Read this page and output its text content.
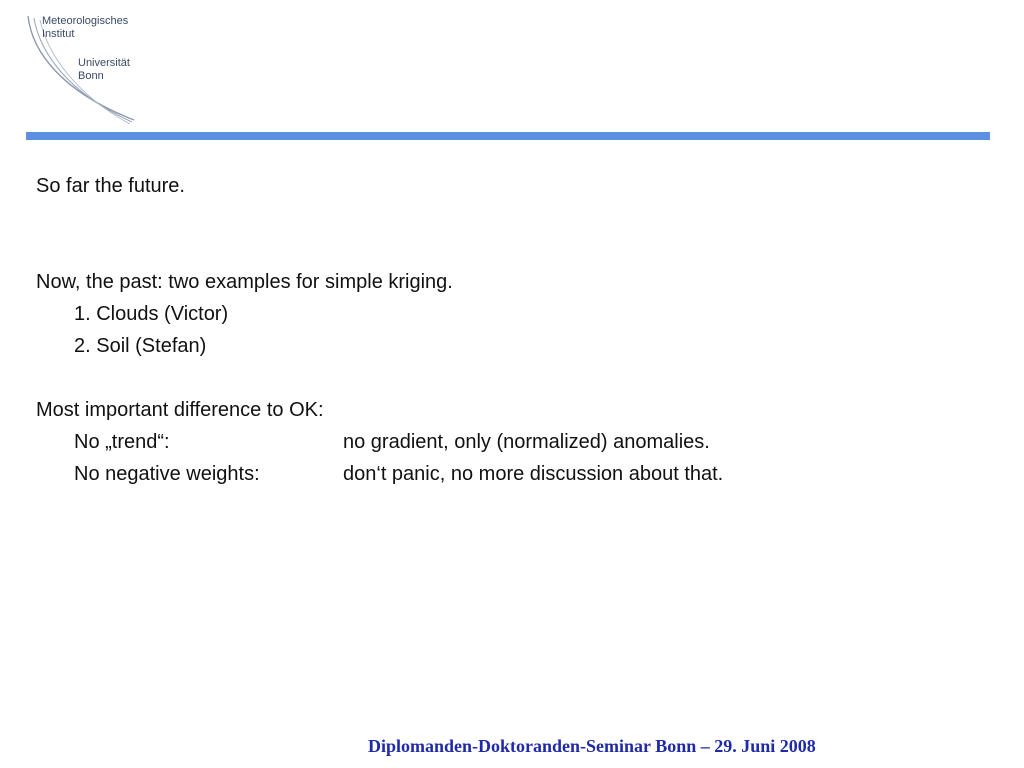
Meteorologisches
Institut
Universität
Bonn
So far the future.
Now, the past: two examples for simple kriging.
1. Clouds (Victor)
2. Soil (Stefan)
Most important difference to OK:
No „trend“:	no gradient, only (normalized) anomalies.
No negative weights:	don‘t panic, no more discussion about that.
Diplomanden-Doktoranden-Seminar Bonn – 29. Juni 2008
